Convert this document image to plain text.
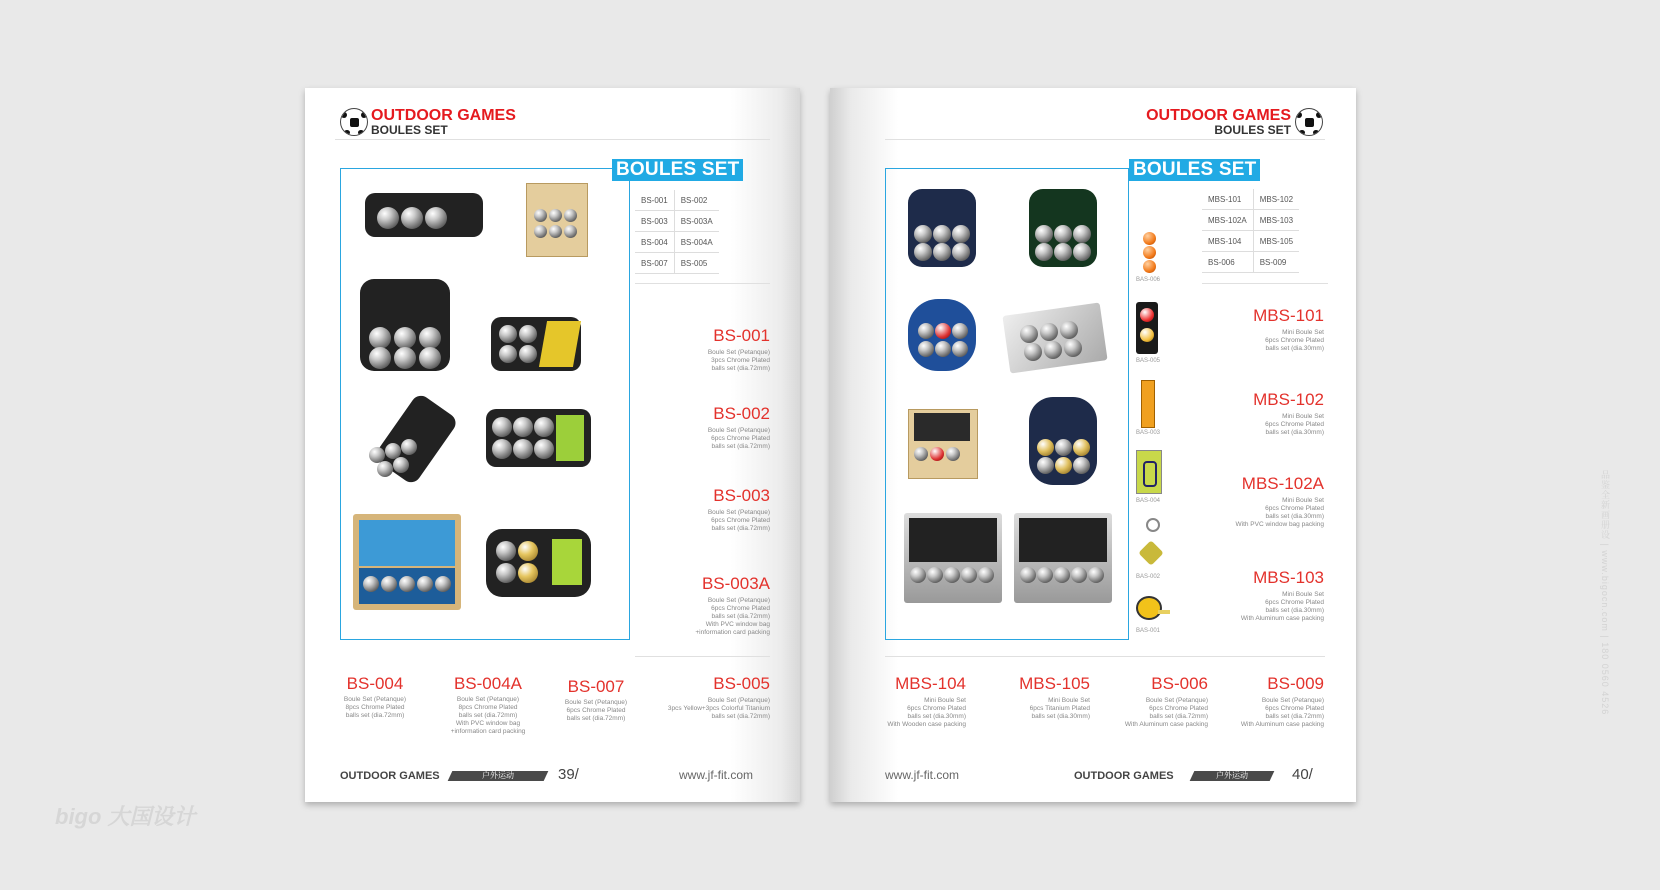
OUTDOOR GAMES
BOULES SET
BOULES SET
BS-001	BS-002
BS-003	BS-003A
BS-004	BS-004A
BS-007	BS-005
BS-001
Boule Set (Petanque)
3pcs Chrome Plated
balls set (dia.72mm)
BS-002
Boule Set (Petanque)
6pcs Chrome Plated
balls set (dia.72mm)
BS-003
Boule Set (Petanque)
6pcs Chrome Plated
balls set (dia.72mm)
BS-003A
Boule Set (Petanque)
6pcs Chrome Plated
balls set (dia.72mm)
With PVC window bag
+information card packing
BS-004
Boule Set (Petanque)
8pcs Chrome Plated
balls set (dia.72mm)
BS-004A
Boule Set (Petanque)
8pcs Chrome Plated
balls set (dia.72mm)
With PVC window bag
+information card packing
BS-007
Boule Set (Petanque)
6pcs Chrome Plated
balls set (dia.72mm)
BS-005
Boule Set (Petanque)
3pcs Yellow+3pcs Colorful Titanium
balls set (dia.72mm)
OUTDOOR GAMES	户外运动	39/	www.jf-fit.com
OUTDOOR GAMES
BOULES SET
BOULES SET
MBS-101	MBS-102
MBS-102A	MBS-103
MBS-104	MBS-105
BS-006	BS-009
BAS-006
BAS-005
BAS-003
BAS-004
BAS-002
BAS-001
MBS-101
Mini Boule Set
6pcs Chrome Plated
balls set (dia.30mm)
MBS-102
Mini Boule Set
6pcs Chrome Plated
balls set (dia.30mm)
MBS-102A
Mini Boule Set
6pcs Chrome Plated
balls set (dia.30mm)
With PVC window bag packing
MBS-103
Mini Boule Set
6pcs Chrome Plated
balls set (dia.30mm)
With Aluminum case packing
MBS-104
Mini Boule Set
6pcs Chrome Plated
balls set (dia.30mm)
With Wooden case packing
MBS-105
Mini Boule Set
6pcs Titanium Plated
balls set (dia.30mm)
BS-006
Boule Set (Petanque)
6pcs Chrome Plated
balls set (dia.72mm)
With Aluminum case packing
BS-009
Boule Set (Petanque)
6pcs Chrome Plated
balls set (dia.72mm)
With Aluminum case packing
www.jf-fit.com	OUTDOOR GAMES	户外运动	40/
品鉴全新画册设 | www.bigocn.com | 180 0560 4526
bigo 大国设计
